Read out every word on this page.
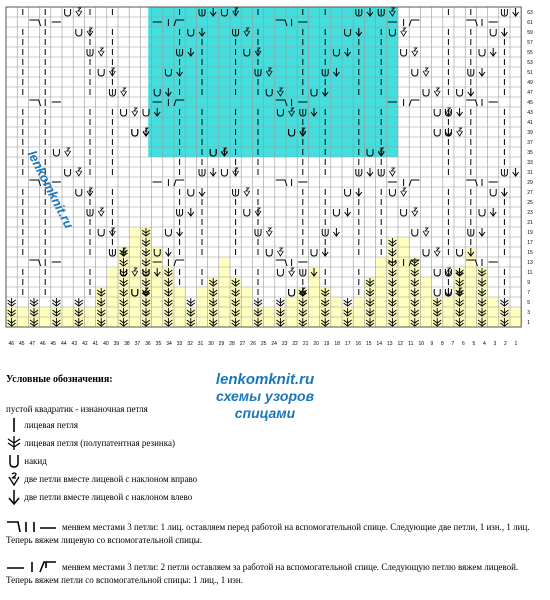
1
3
5
7
9
11
13
15
17
19
21
23
25
27
29
31
33
35
37
39
41
43
45
47
49
51
53
55
57
59
61
63
46 45 47 46 45 44 43 42 41 40 39 38 37 36 35 34 33 32 31 30 29 28 27 26 25 24 23 22 21 20 19 18 17 16 15 14 13 12 11 10 9 8 7 6 5 4 3 2 1
lenkomknit.ru
Условные обозначения:	lenkomknit.ru
схемы узоров
спицами
пустой квадратик - изнаночная петля
лицевая петля
лицевая петля (полупатентная резинка)
накид
две петли вместе лицевой с наклоном вправо
две петли вместе лицевой с наклоном влево
меняем местами 3 петли: 1 лиц. оставляем перед работой на вспомогательной спице. Следующие две петли, 1 изн., 1 лиц. Теперь вяжем лицевую со вспомогательной спицы.
меняем местами 3 петли: 2 петли оставляем за работой на вспомогательной спице. Следующую петлю вяжем лицевой. Теперь вяжем петли со вспомогательной спицы: 1 лиц., 1 изн.
